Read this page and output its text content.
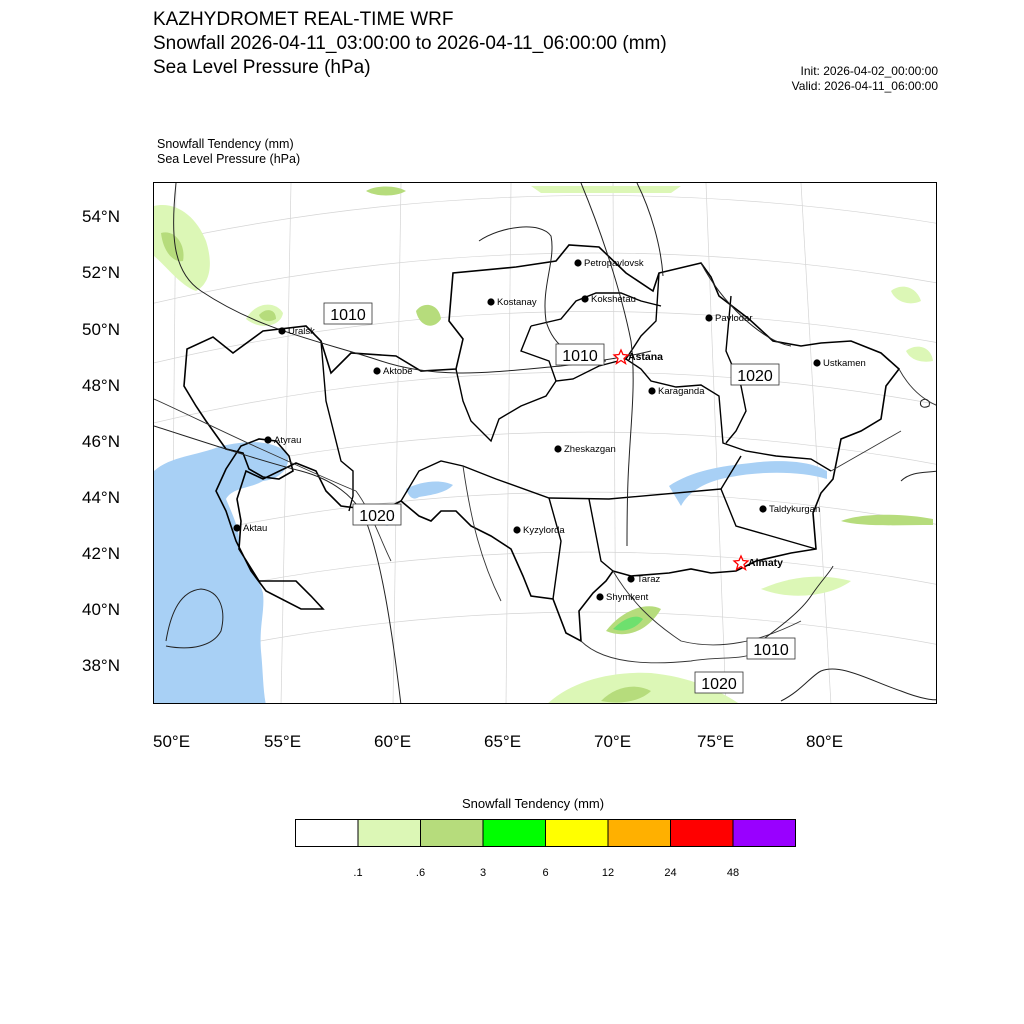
KAZHYDROMET REAL-TIME WRF
Snowfall 2026-04-11_03:00:00 to 2026-04-11_06:00:00 (mm)
Sea Level Pressure (hPa)	Init: 2026-04-02_00:00:00
Valid: 2026-04-11_06:00:00
Snowfall Tendency (mm)
Sea Level Pressure (hPa)
54°N
52°N
50°N
48°N
46°N
44°N
42°N
40°N
38°N
50°E	55°E	60°E	65°E	70°E	75°E	80°E
1010
1010
1020
1020
1010
1020
Petropavlovsk
Kostanay	Kokshetau
Uralsk
Pavlodar
Aktobe
Astana
Ustkamen
Karaganda
Atyrau
Zheskazgan
Taldykurgan
Aktau	Kyzylorda
Almaty
Taraz
Shymkent
Snowfall Tendency (mm)
.1	.6	3	6	12	24	48
